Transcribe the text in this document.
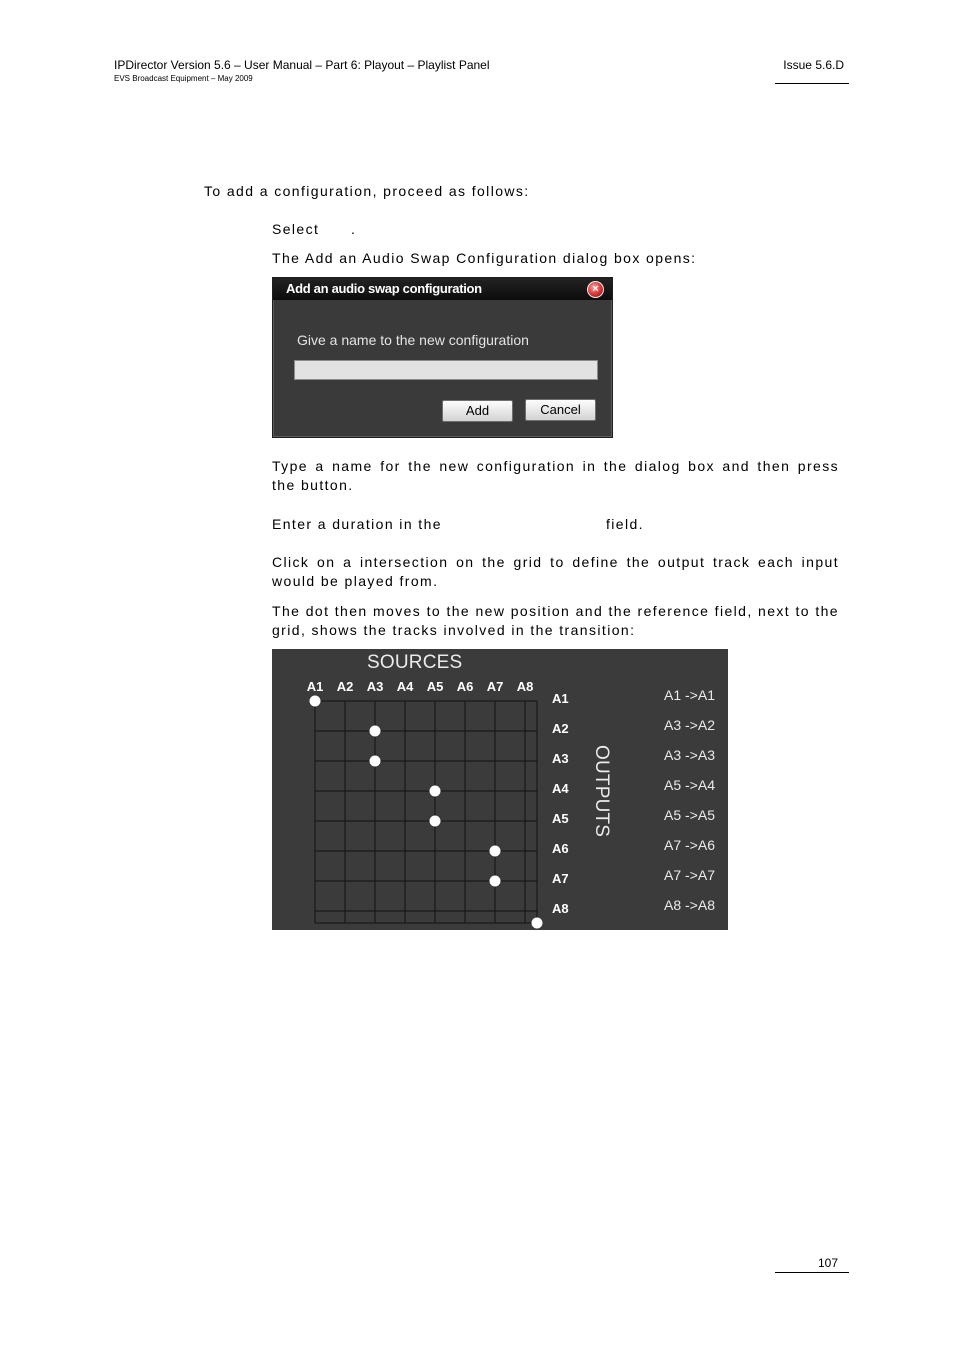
IPDirector Version 5.6 – User Manual – Part 6: Playout – Playlist Panel
EVS Broadcast Equipment – May 2009
Issue 5.6.D
To add a configuration, proceed as follows:
Select      .
The Add an Audio Swap Configuration dialog box opens:
Add an audio swap configuration	×
Give a name to the new configuration
Add	Cancel
Type a name for the new configuration in the dialog box and then press the button.
Enter a duration in the	field.
Click on a intersection on the grid to define the output track each input would be played from.
The dot then moves to the new position and the reference field, next to the grid, shows the tracks involved in the transition:
SOURCES
OUTPUTS
A1	A2	A3	A4	A5	A6	A7	A8
A1	A1 ->A1
A2	A3 ->A2
A3	A3 ->A3
A4	A5 ->A4
A5	A5 ->A5
A6	A7 ->A6
A7	A7 ->A7
A8	A8 ->A8
107
